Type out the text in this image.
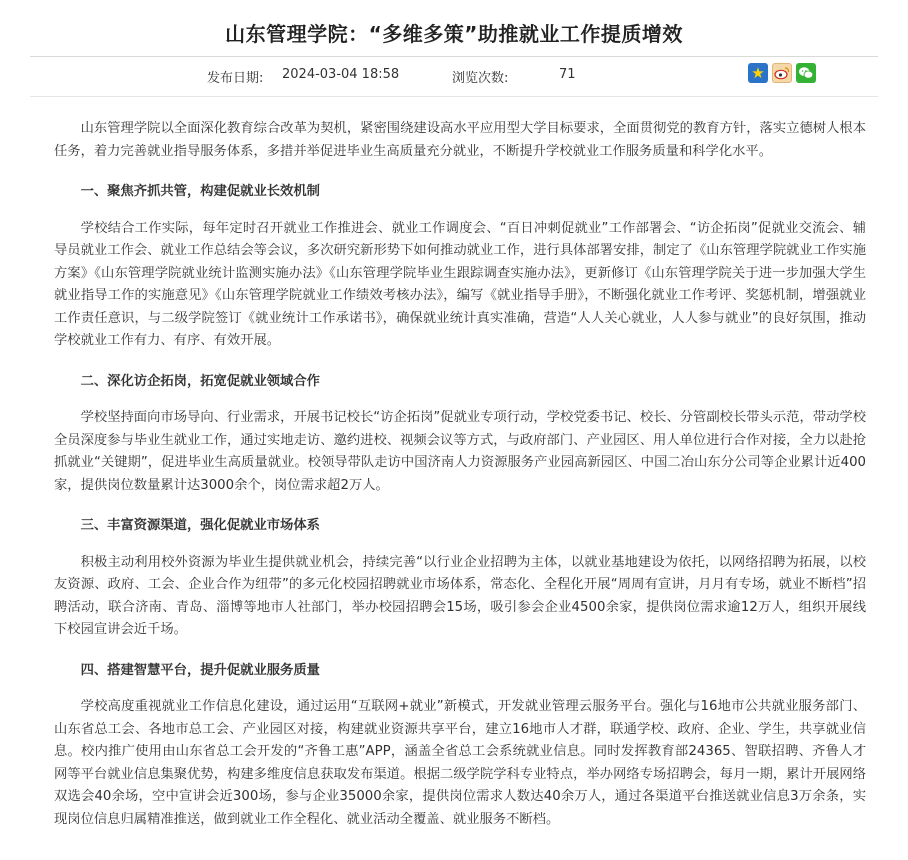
山东管理学院：“多维多策”助推就业工作提质增效
发布日期: 2024-03-04 18:58	浏览次数:	71	★

山东管理学院以全面深化教育综合改革为契机，紧密围绕建设高水平应用型大学目标要求，全面贯彻党的教育方针，落实立德树人根本任务，着力完善就业指导服务体系，多措并举促进毕业生高质量充分就业，不断提升学校就业工作服务质量和科学化水平。

一、聚焦齐抓共管，构建促就业长效机制

学校结合工作实际，每年定时召开就业工作推进会、就业工作调度会、“百日冲刺促就业”工作部署会、“访企拓岗”促就业交流会、辅导员就业工作会、就业工作总结会等会议，多次研究新形势下如何推动就业工作，进行具体部署安排，制定了《山东管理学院就业工作实施方案》《山东管理学院就业统计监测实施办法》《山东管理学院毕业生跟踪调查实施办法》，更新修订《山东管理学院关于进一步加强大学生就业指导工作的实施意见》《山东管理学院就业工作绩效考核办法》，编写《就业指导手册》，不断强化就业工作考评、奖惩机制，增强就业工作责任意识，与二级学院签订《就业统计工作承诺书》，确保就业统计真实准确，营造“人人关心就业，人人参与就业”的良好氛围，推动学校就业工作有力、有序、有效开展。

二、深化访企拓岗，拓宽促就业领域合作

学校坚持面向市场导向、行业需求，开展书记校长“访企拓岗”促就业专项行动，学校党委书记、校长、分管副校长带头示范，带动学校全员深度参与毕业生就业工作，通过实地走访、邀约进校、视频会议等方式，与政府部门、产业园区、用人单位进行合作对接，全力以赴抢抓就业“关键期”，促进毕业生高质量就业。校领导带队走访中国济南人力资源服务产业园高新园区、中国二冶山东分公司等企业累计近400家，提供岗位数量累计达3000余个，岗位需求超2万人。

三、丰富资源渠道，强化促就业市场体系

积极主动利用校外资源为毕业生提供就业机会，持续完善“以行业企业招聘为主体，以就业基地建设为依托，以网络招聘为拓展，以校友资源、政府、工会、企业合作为纽带”的多元化校园招聘就业市场体系，常态化、全程化开展“周周有宣讲，月月有专场，就业不断档”招聘活动，联合济南、青岛、淄博等地市人社部门，举办校园招聘会15场，吸引参会企业4500余家，提供岗位需求逾12万人，组织开展线下校园宣讲会近千场。

四、搭建智慧平台，提升促就业服务质量

学校高度重视就业工作信息化建设，通过运用“互联网+就业”新模式，开发就业管理云服务平台。强化与16地市公共就业服务部门、山东省总工会、各地市总工会、产业园区对接，构建就业资源共享平台，建立16地市人才群，联通学校、政府、企业、学生，共享就业信息。校内推广使用由山东省总工会开发的“齐鲁工惠”APP，涵盖全省总工会系统就业信息。同时发挥教育部24365、智联招聘、齐鲁人才网等平台就业信息集聚优势，构建多维度信息获取发布渠道。根据二级学院学科专业特点，举办网络专场招聘会，每月一期，累计开展网络双选会40余场，空中宣讲会近300场，参与企业35000余家，提供岗位需求人数达40余万人，通过各渠道平台推送就业信息3万余条，实现岗位信息归属精准推送，做到就业工作全程化、就业活动全覆盖、就业服务不断档。
